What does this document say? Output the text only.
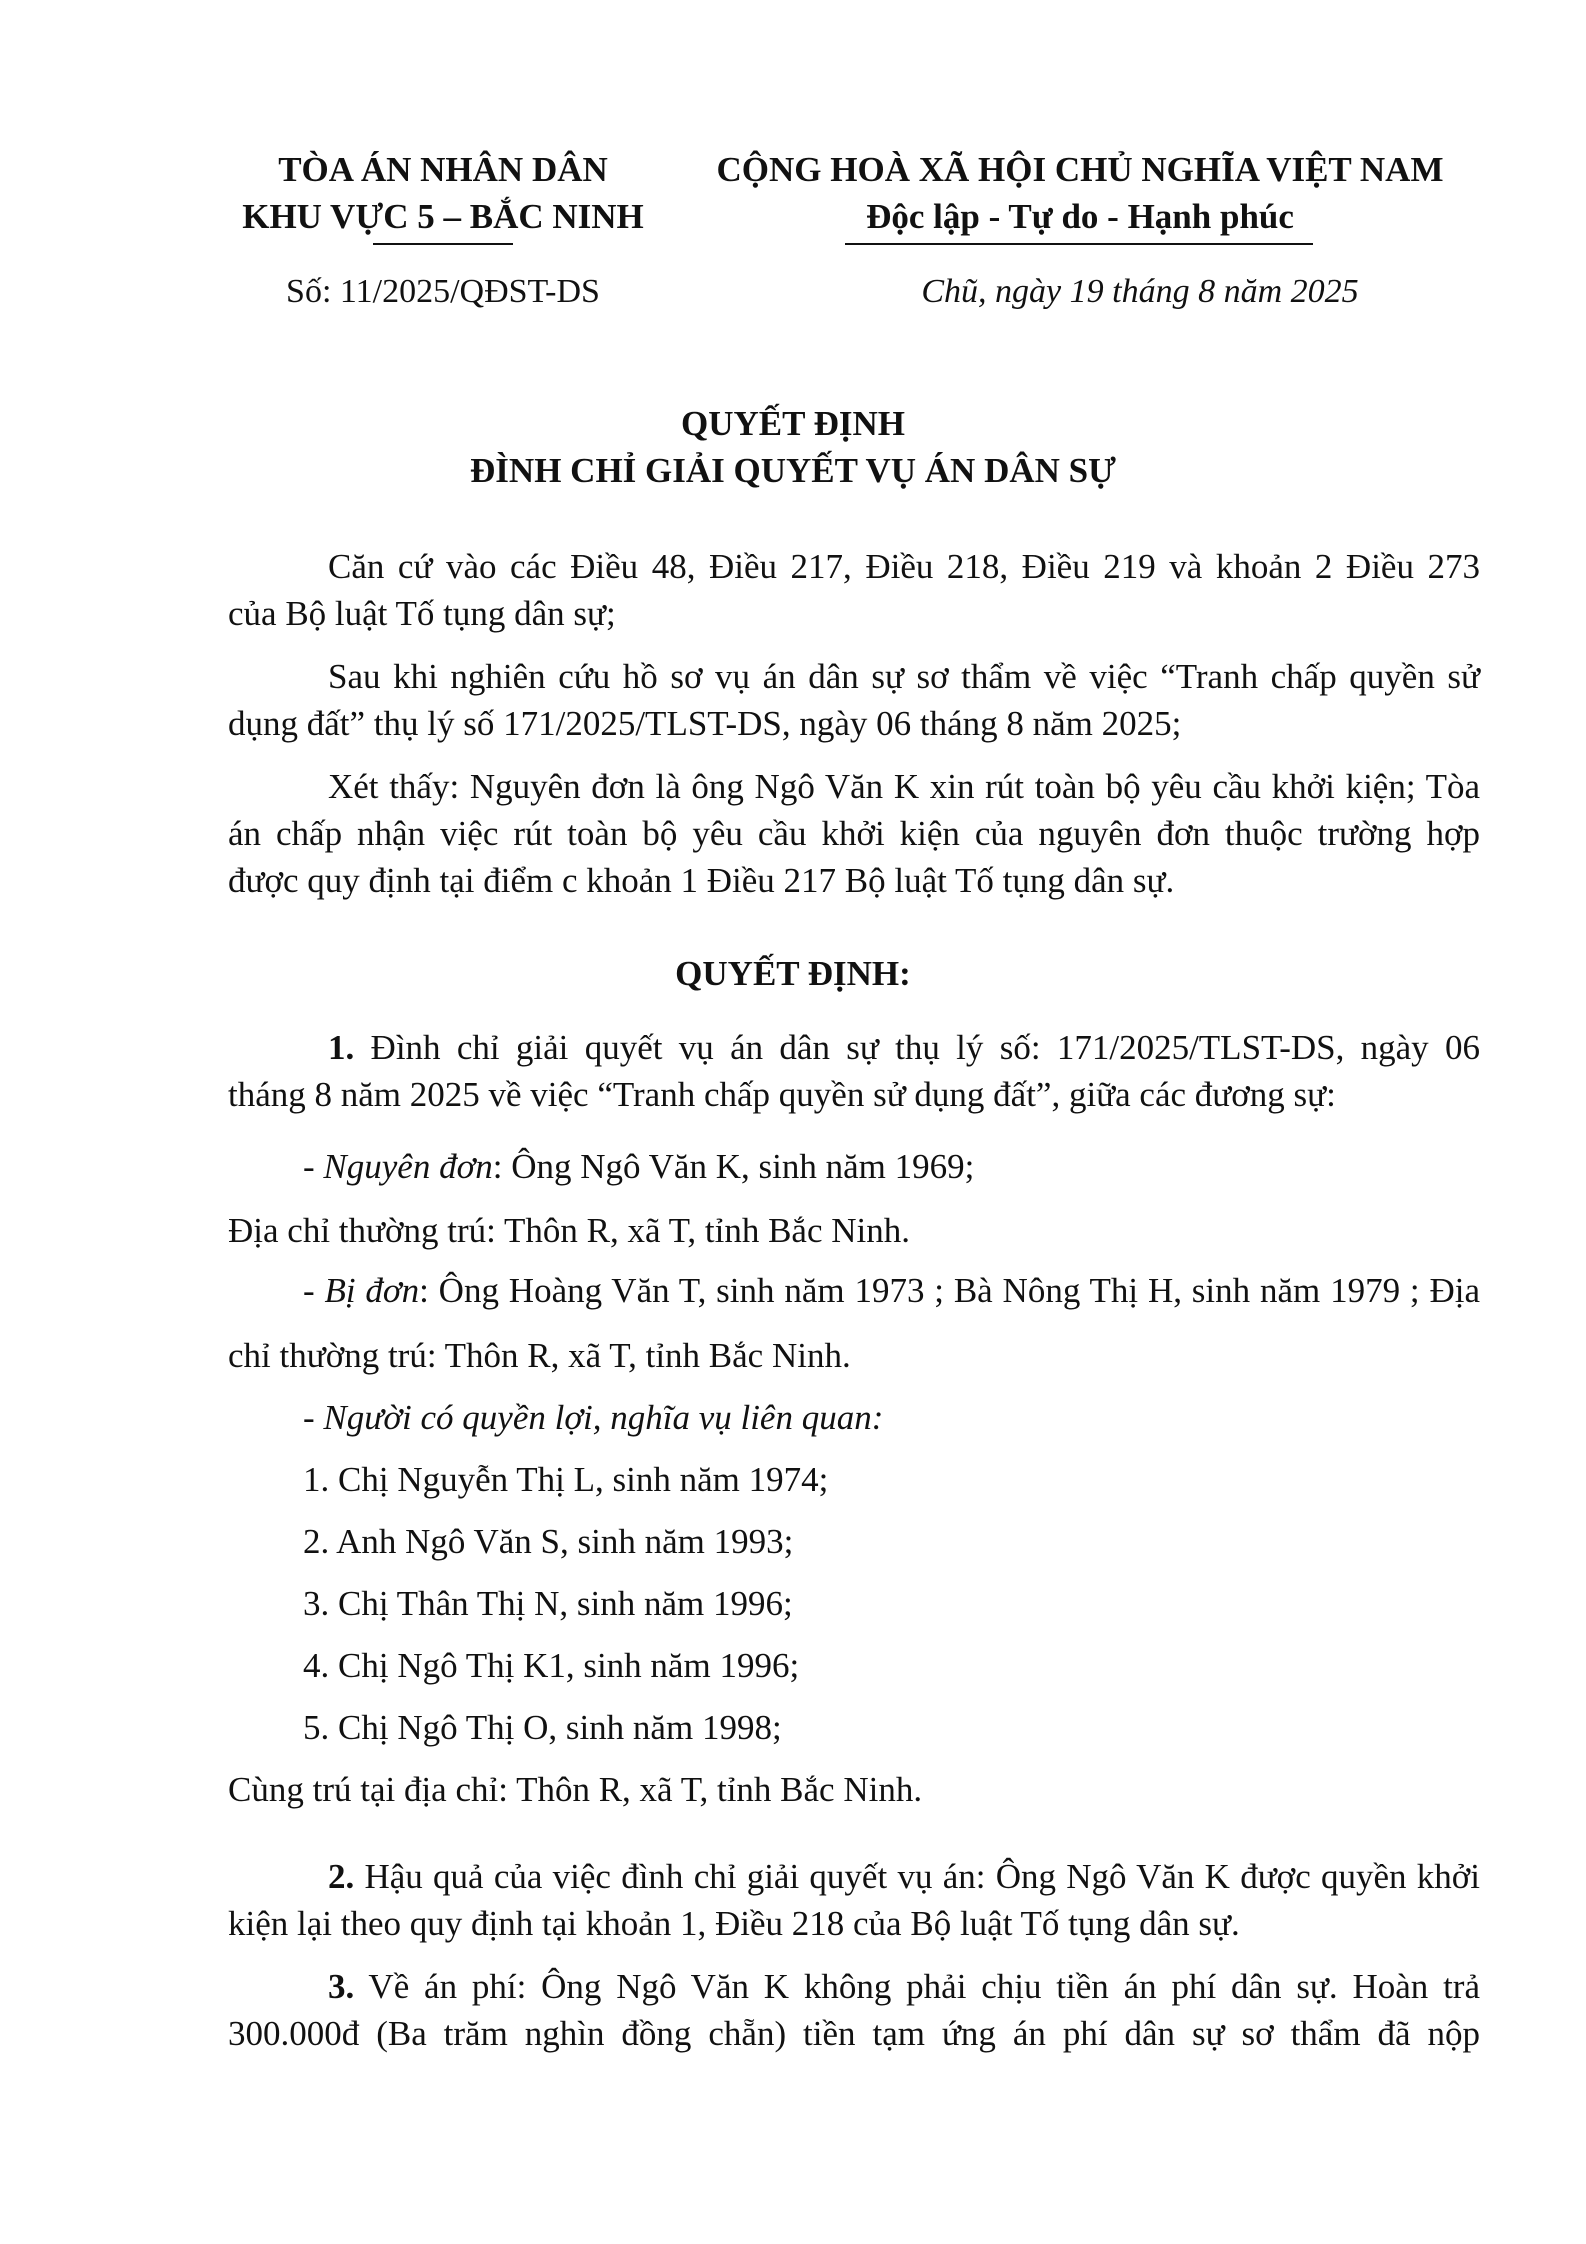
TÒA ÁN NHÂN DÂN
KHU VỰC 5 – BẮC NINH
CỘNG HOÀ XÃ HỘI CHỦ NGHĨA VIỆT NAM
Độc lập - Tự do - Hạnh phúc
Số: 11/2025/QĐST-DS	Chũ, ngày 19 tháng 8 năm 2025
QUYẾT ĐỊNH
ĐÌNH CHỈ GIẢI QUYẾT VỤ ÁN DÂN SỰ

Căn cứ vào các Điều 48, Điều 217, Điều 218, Điều 219 và khoản 2 Điều 273

của Bộ luật Tố tụng dân sự;

Sau khi nghiên cứu hồ sơ vụ án dân sự sơ thẩm về việc “Tranh chấp quyền sử

dụng đất” thụ lý số 171/2025/TLST-DS, ngày 06 tháng 8 năm 2025;

Xét thấy: Nguyên đơn là ông Ngô Văn K xin rút toàn bộ yêu cầu khởi kiện; Tòa

án chấp nhận việc rút toàn bộ yêu cầu khởi kiện của nguyên đơn thuộc trường hợp

được quy định tại điểm c khoản 1 Điều 217 Bộ luật Tố tụng dân sự.

QUYẾT ĐỊNH:

1. Đình chỉ giải quyết vụ án dân sự thụ lý số: 171/2025/TLST-DS, ngày 06

tháng 8 năm 2025 về việc “Tranh chấp quyền sử dụng đất”, giữa các đương sự:

- Nguyên đơn: Ông Ngô Văn K, sinh năm 1969;

Địa chỉ thường trú: Thôn R, xã T, tỉnh Bắc Ninh.

- Bị đơn: Ông Hoàng Văn T, sinh năm 1973 ; Bà Nông Thị H, sinh năm 1979 ; Địa

chỉ thường trú: Thôn R, xã T, tỉnh Bắc Ninh.

- Người có quyền lợi, nghĩa vụ liên quan:

1. Chị Nguyễn Thị L, sinh năm 1974;

2. Anh Ngô Văn S, sinh năm 1993;

3. Chị Thân Thị N, sinh năm 1996;

4. Chị Ngô Thị K1, sinh năm 1996;

5. Chị Ngô Thị O, sinh năm 1998;

Cùng trú tại địa chỉ: Thôn R, xã T, tỉnh Bắc Ninh.

2. Hậu quả của việc đình chỉ giải quyết vụ án: Ông Ngô Văn K được quyền khởi

kiện lại theo quy định tại khoản 1, Điều 218 của Bộ luật Tố tụng dân sự.

3. Về án phí: Ông Ngô Văn K không phải chịu tiền án phí dân sự. Hoàn trả

300.000đ (Ba trăm nghìn đồng chẵn) tiền tạm ứng án phí dân sự sơ thẩm đã nộp
